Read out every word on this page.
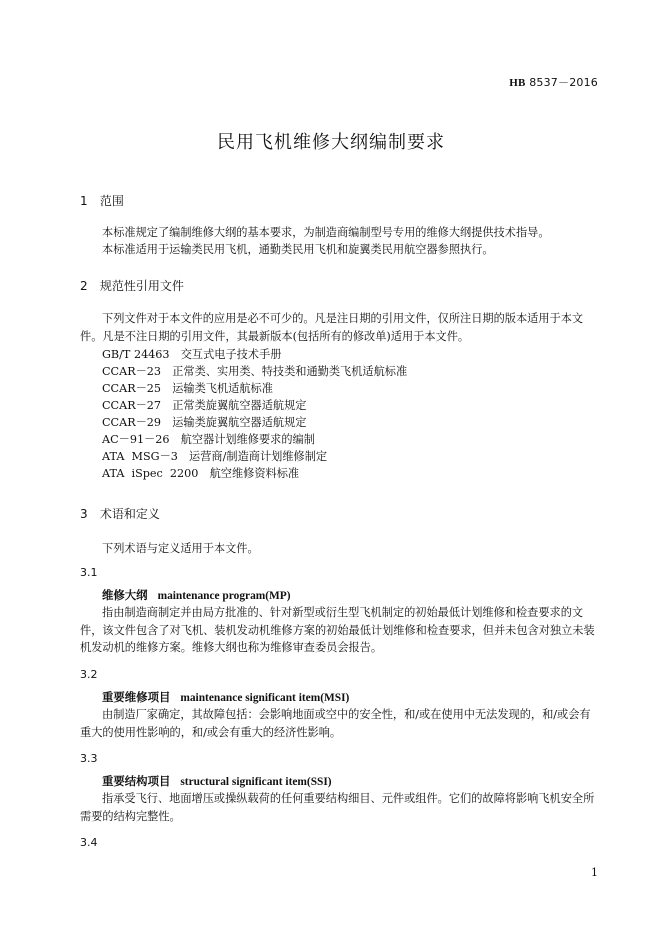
HB 8537－2016
民用飞机维修大纲编制要求
1 范围
本标准规定了编制维修大纲的基本要求，为制造商编制型号专用的维修大纲提供技术指导。
本标准适用于运输类民用飞机，通勤类民用飞机和旋翼类民用航空器参照执行。
2 规范性引用文件
下列文件对于本文件的应用是必不可少的。凡是注日期的引用文件，仅所注日期的版本适用于本文件。凡是不注日期的引用文件，其最新版本(包括所有的修改单)适用于本文件。
GB/T 24463　交互式电子技术手册
CCAR－23　正常类、实用类、特技类和通勤类飞机适航标准
CCAR－25　运输类飞机适航标准
CCAR－27　正常类旋翼航空器适航规定
CCAR－29　运输类旋翼航空器适航规定
AC－91－26　航空器计划维修要求的编制
ATA  MSG－3　运营商/制造商计划维修制定
ATA  iSpec  2200　航空维修资料标准
3 术语和定义
下列术语与定义适用于本文件。
3.1
维修大纲 maintenance program(MP)
指由制造商制定并由局方批准的、针对新型或衍生型飞机制定的初始最低计划维修和检查要求的文件，该文件包含了对飞机、装机发动机维修方案的初始最低计划维修和检查要求，但并未包含对独立未装机发动机的维修方案。维修大纲也称为维修审查委员会报告。
3.2
重要维修项目 maintenance significant item(MSI)
由制造厂家确定，其故障包括：会影响地面或空中的安全性，和/或在使用中无法发现的，和/或会有重大的使用性影响的，和/或会有重大的经济性影响。
3.3
重要结构项目 structural significant item(SSI)
指承受飞行、地面增压或操纵载荷的任何重要结构细目、元件或组件。它们的故障将影响飞机安全所需要的结构完整性。
3.4
1
